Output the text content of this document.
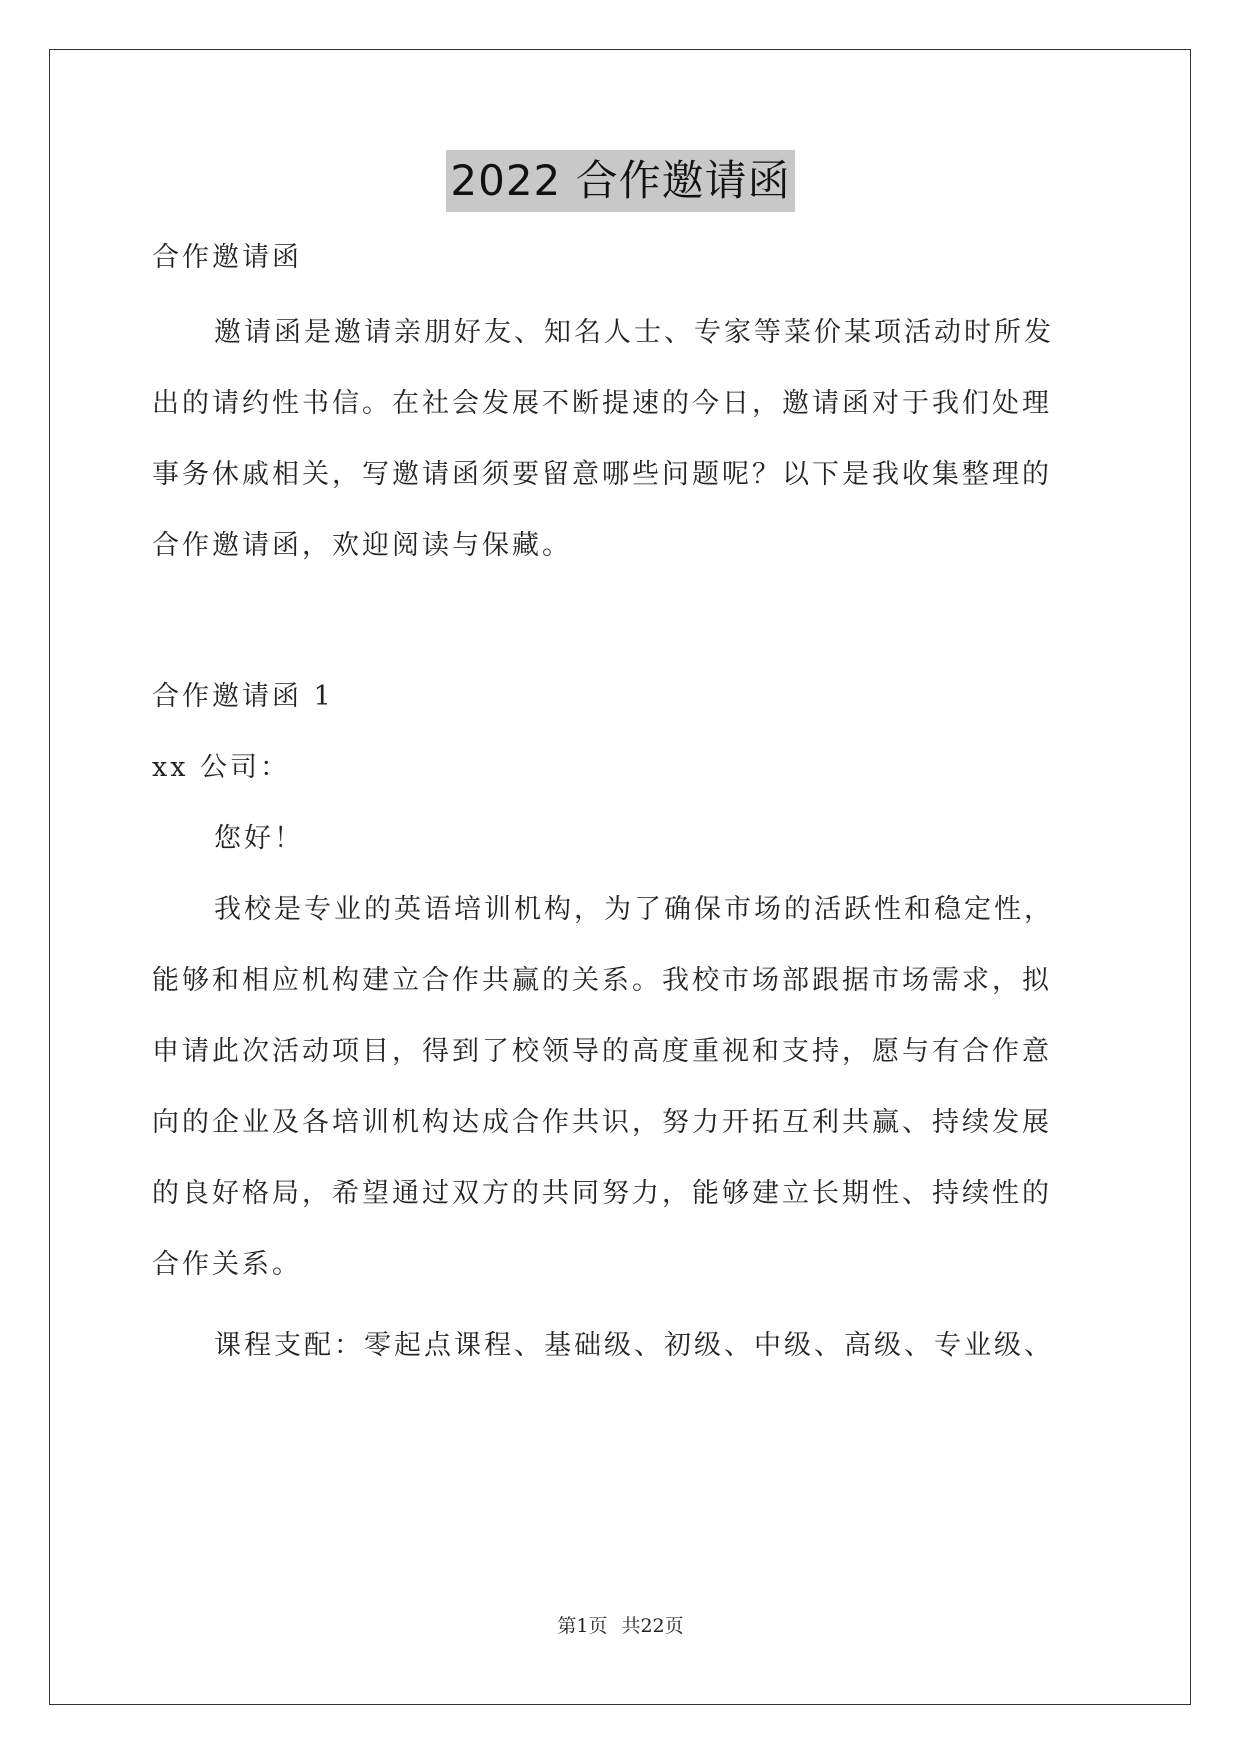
2022 合作邀请函
合作邀请函
邀请函是邀请亲朋好友、知名人士、专家等菜价某项活动时所发
出的请约性书信。在社会发展不断提速的今日，邀请函对于我们处理
事务休戚相关，写邀请函须要留意哪些问题呢？以下是我收集整理的
合作邀请函，欢迎阅读与保藏。
合作邀请函 1
xx 公司：
您好！
我校是专业的英语培训机构，为了确保市场的活跃性和稳定性，
能够和相应机构建立合作共赢的关系。我校市场部跟据市场需求，拟
申请此次活动项目，得到了校领导的高度重视和支持，愿与有合作意
向的企业及各培训机构达成合作共识，努力开拓互利共赢、持续发展
的良好格局，希望通过双方的共同努力，能够建立长期性、持续性的
合作关系。
课程支配：零起点课程、基础级、初级、中级、高级、专业级、
第1页 共22页
